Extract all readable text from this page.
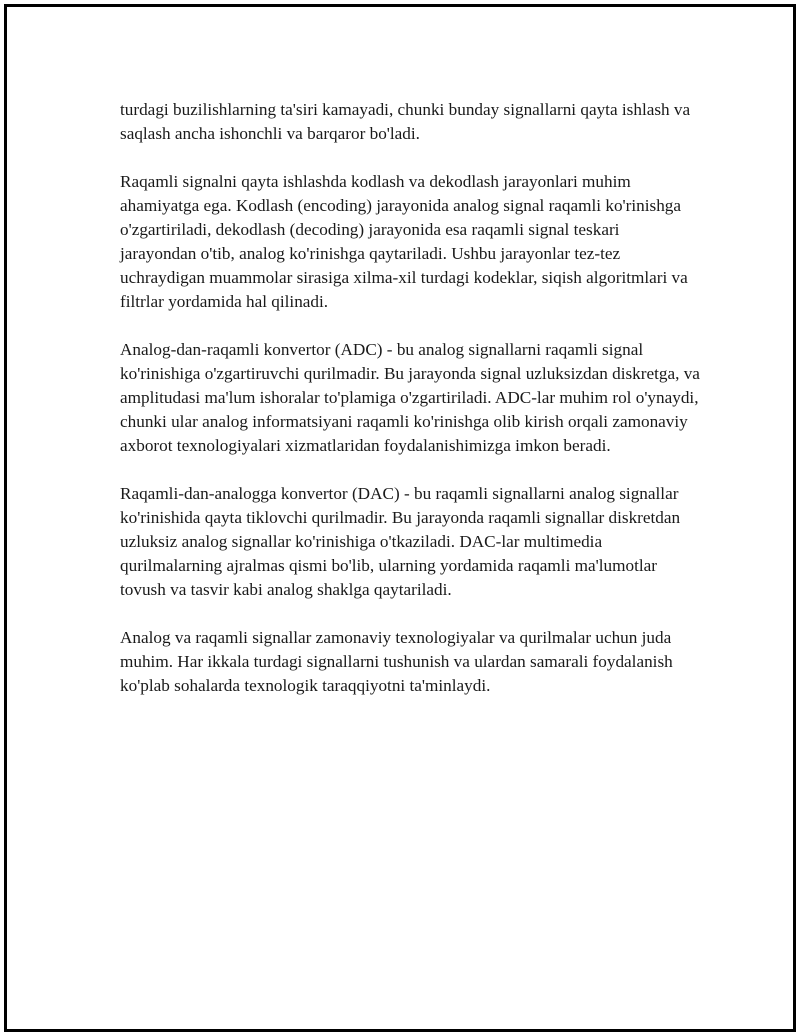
turdagi buzilishlarning ta'siri kamayadi, chunki bunday signallarni qayta ishlash va saqlash ancha ishonchli va barqaror bo'ladi.

Raqamli signalni qayta ishlashda kodlash va dekodlash jarayonlari muhim ahamiyatga ega. Kodlash (encoding) jarayonida analog signal raqamli ko'rinishga o'zgartiriladi, dekodlash (decoding) jarayonida esa raqamli signal teskari jarayondan o'tib, analog ko'rinishga qaytariladi. Ushbu jarayonlar tez-tez uchraydigan muammolar sirasiga xilma-xil turdagi kodeklar, siqish algoritmlari va filtrlar yordamida hal qilinadi.

Analog-dan-raqamli konvertor (ADC) - bu analog signallarni raqamli signal ko'rinishiga o'zgartiruvchi qurilmadir. Bu jarayonda signal uzluksizdan diskretga, va amplitudasi ma'lum ishoralar to'plamiga o'zgartiriladi. ADC-lar muhim rol o'ynaydi, chunki ular analog informatsiyani raqamli ko'rinishga olib kirish orqali zamonaviy axborot texnologiyalari xizmatlaridan foydalanishimizga imkon beradi.

Raqamli-dan-analogga konvertor (DAC) - bu raqamli signallarni analog signallar ko'rinishida qayta tiklovchi qurilmadir. Bu jarayonda raqamli signallar diskretdan uzluksiz analog signallar ko'rinishiga o'tkaziladi. DAC-lar multimedia qurilmalarning ajralmas qismi bo'lib, ularning yordamida raqamli ma'lumotlar tovush va tasvir kabi analog shaklga qaytariladi.

Analog va raqamli signallar zamonaviy texnologiyalar va qurilmalar uchun juda muhim. Har ikkala turdagi signallarni tushunish va ulardan samarali foydalanish ko'plab sohalarda texnologik taraqqiyotni ta'minlaydi.
